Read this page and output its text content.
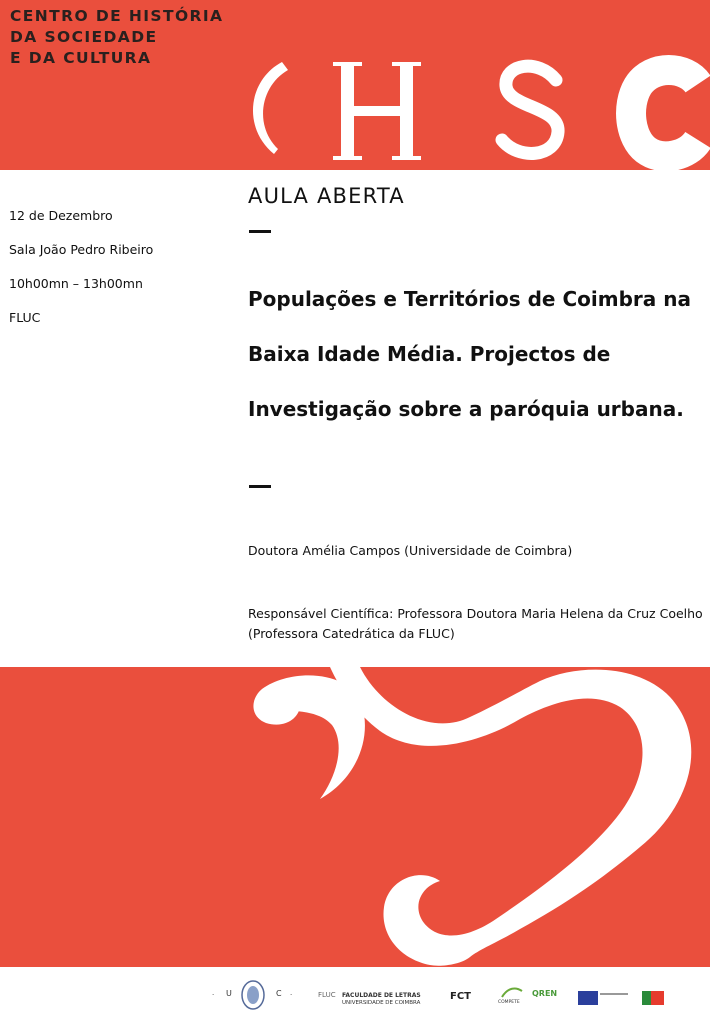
CENTRO DE HISTÓRIA
DA SOCIEDADE
E DA CULTURA
12 de Dezembro
Sala João Pedro Ribeiro
10h00mn – 13h00mn
FLUC
AULA ABERTA
Populações e Territórios de Coimbra na
Baixa Idade Média. Projectos de
Investigação sobre a paróquia urbana.
Doutora Amélia Campos (Universidade de Coimbra)
Responsável Científica: Professora Doutora Maria Helena da Cruz Coelho
(Professora Catedrática da FLUC)
· U	C ·	FLUC FACULDADE DE LETRAS
UNIVERSIDADE DE COIMBRA
FCT
COMPETE
QREN
